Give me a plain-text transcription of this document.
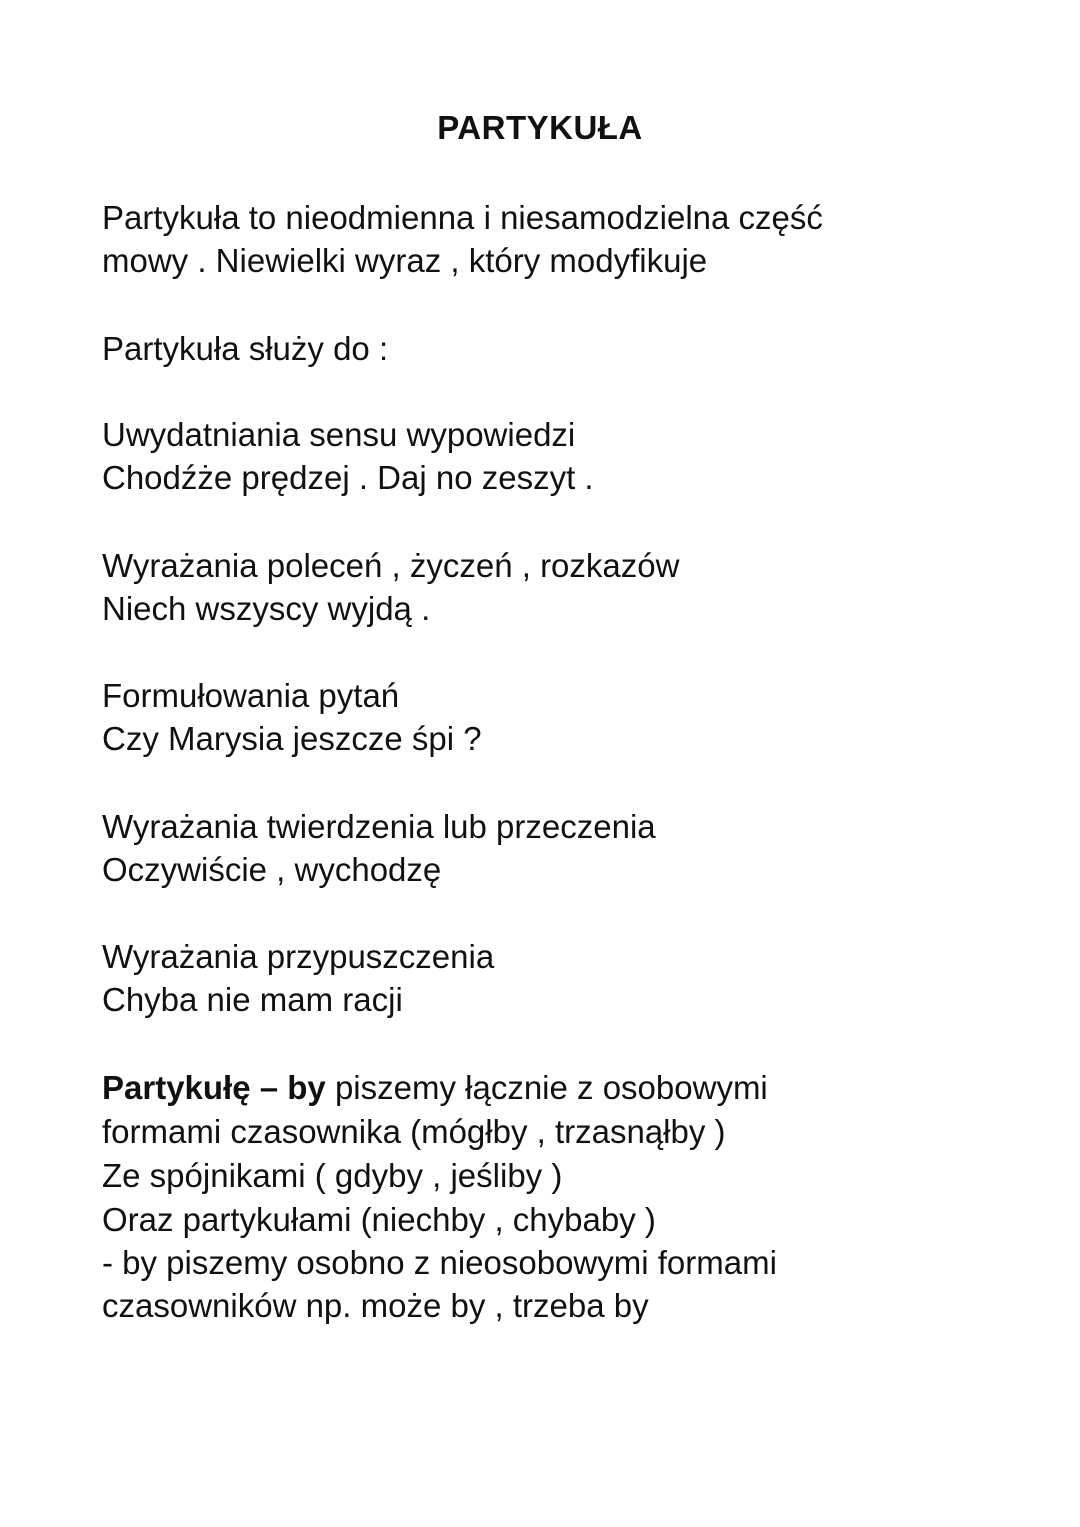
PARTYKUŁA
Partykuła to nieodmienna i niesamodzielna część
mowy . Niewielki wyraz , który modyfikuje
Partykuła służy do :
Uwydatniania sensu wypowiedzi
Chodźże prędzej . Daj no zeszyt .
Wyrażania poleceń , życzeń , rozkazów
Niech wszyscy wyjdą .
Formułowania pytań
Czy Marysia jeszcze śpi ?
Wyrażania twierdzenia lub przeczenia
Oczywiście , wychodzę
Wyrażania przypuszczenia
Chyba nie mam racji
Partykułę – by piszemy łącznie z osobowymi
formami czasownika (mógłby , trzasnąłby )
Ze spójnikami ( gdyby , jeśliby )
Oraz partykułami (niechby , chybaby )
- by piszemy osobno z nieosobowymi formami
czasowników np. może by , trzeba by
